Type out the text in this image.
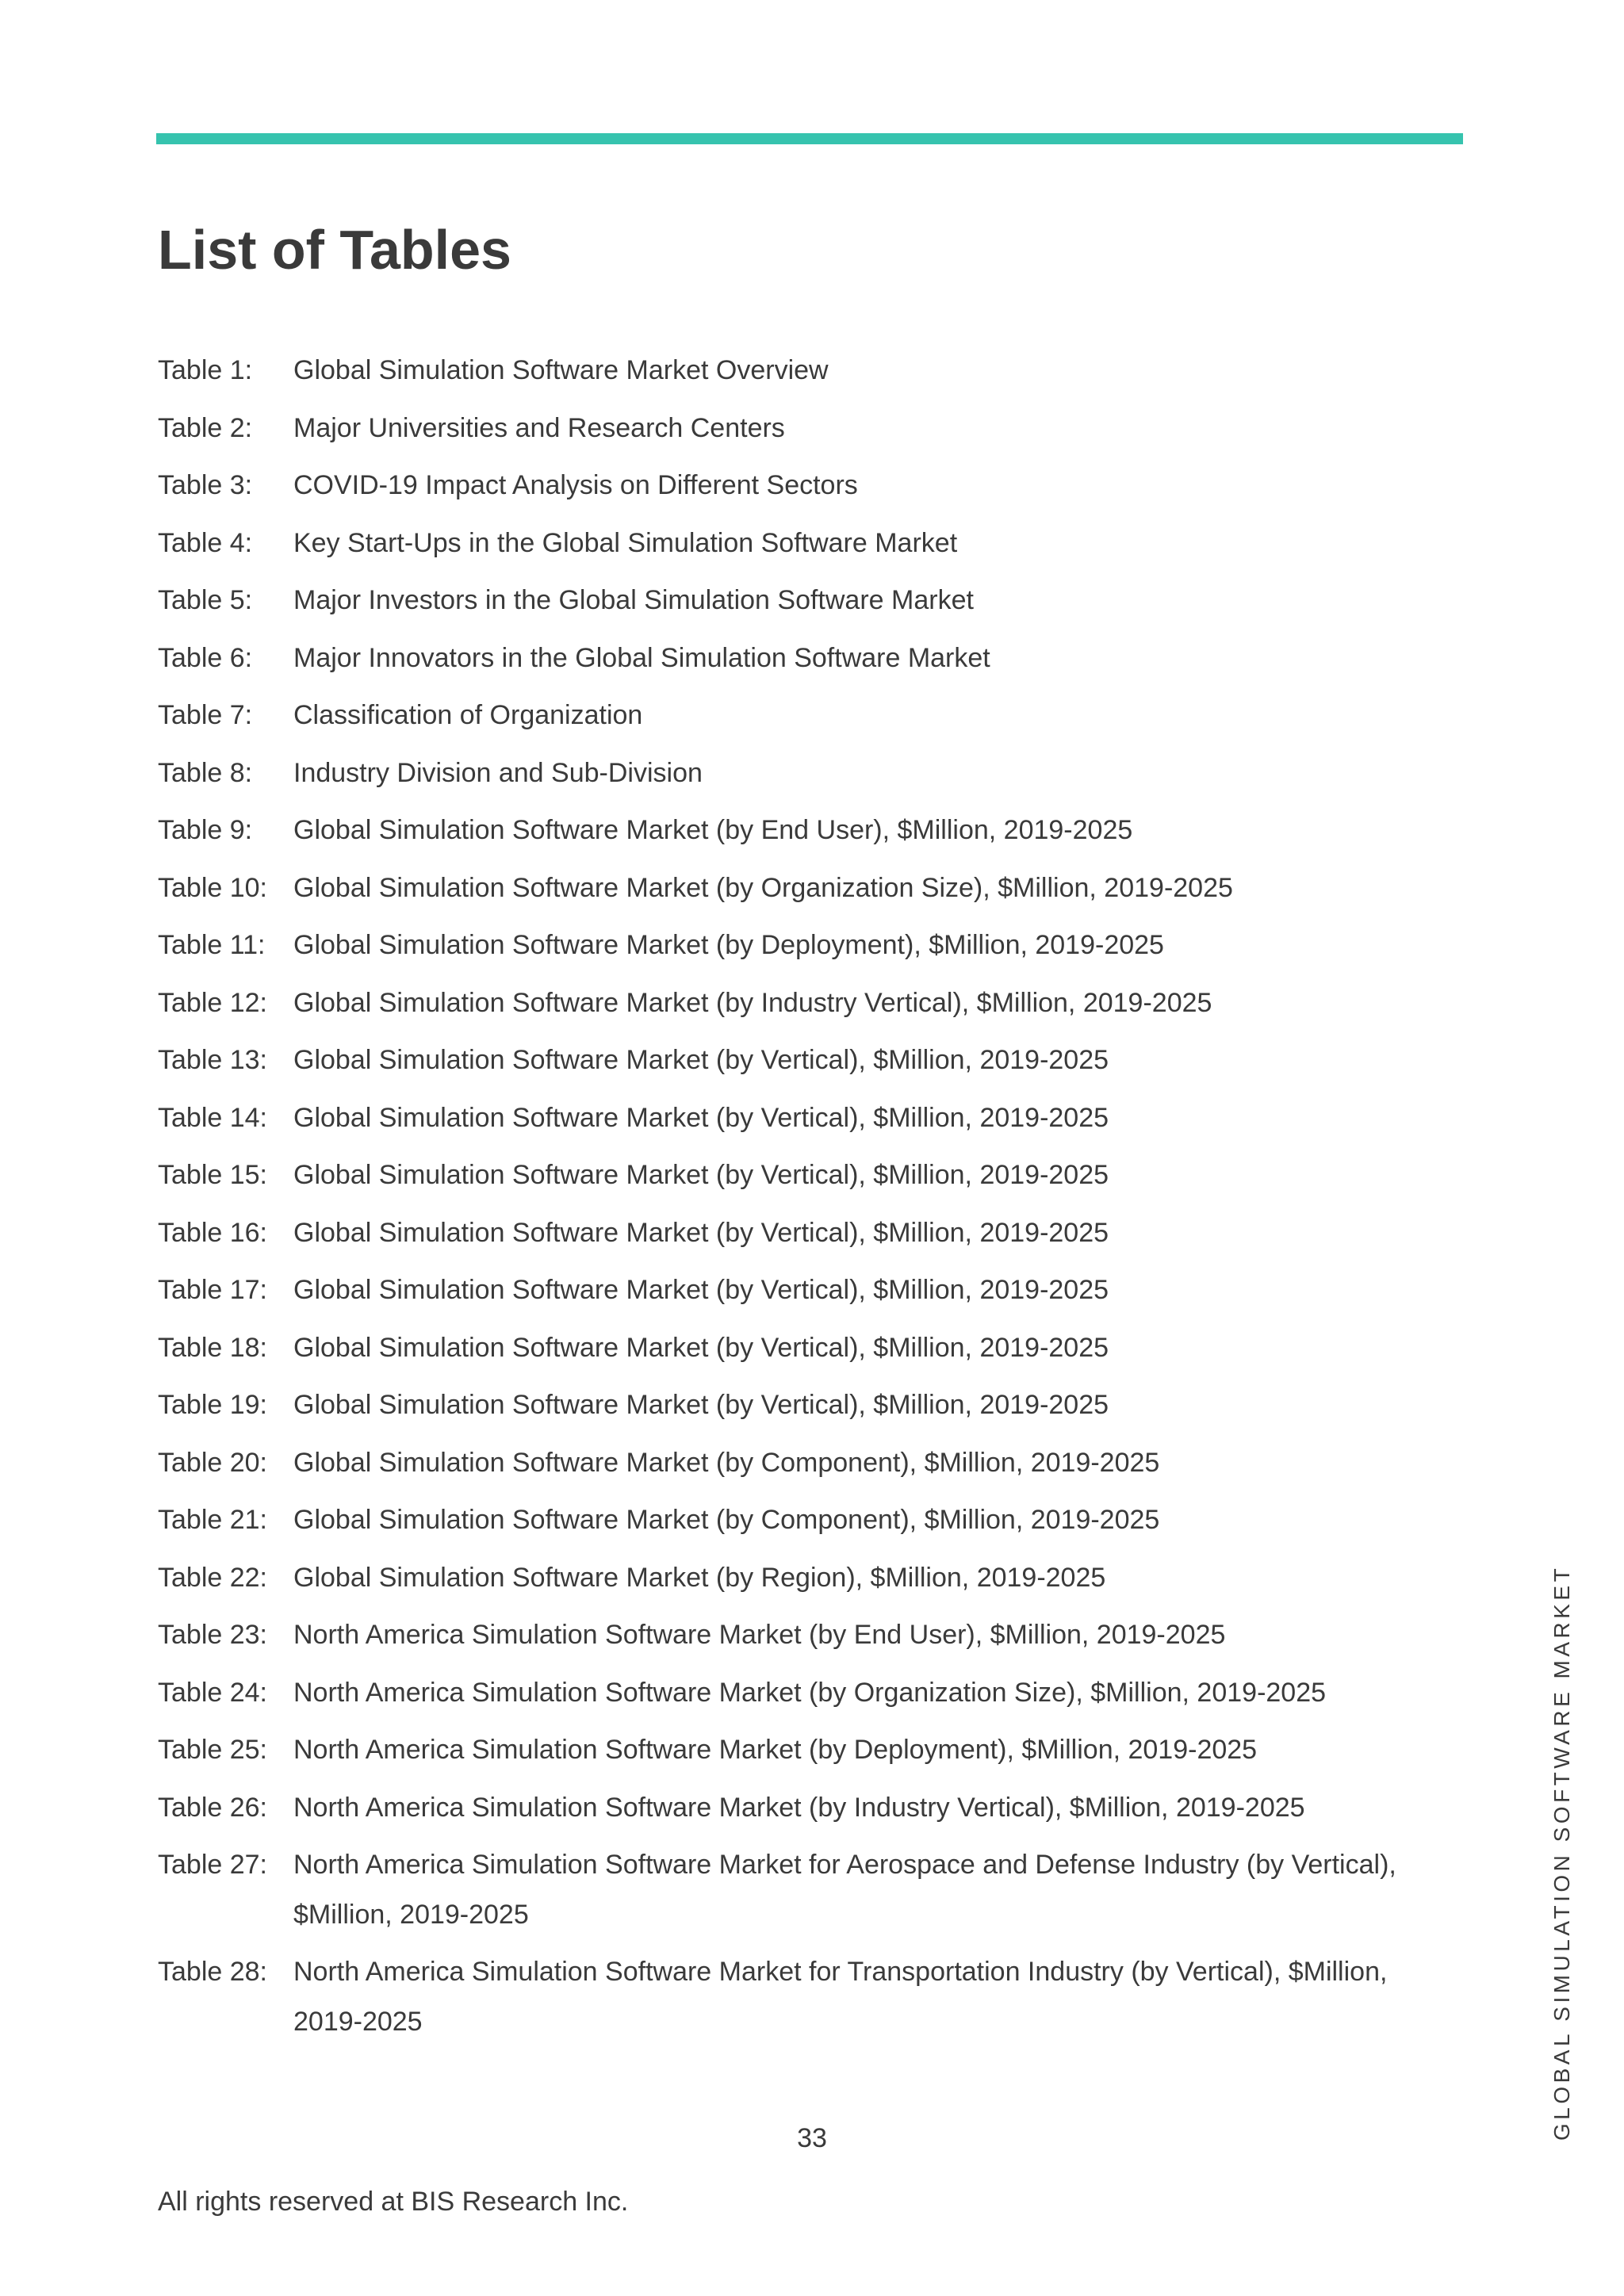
List of Tables
Table 1:	Global Simulation Software Market Overview
Table 2:	Major Universities and Research Centers
Table 3:	COVID-19 Impact Analysis on Different Sectors
Table 4:	Key Start-Ups in the Global Simulation Software Market
Table 5:	Major Investors in the Global Simulation Software Market
Table 6:	Major Innovators in the Global Simulation Software Market
Table 7:	Classification of Organization
Table 8:	Industry Division and Sub-Division
Table 9:	Global Simulation Software Market (by End User), $Million, 2019-2025
Table 10: Global Simulation Software Market (by Organization Size), $Million, 2019-2025
Table 11:	Global Simulation Software Market (by Deployment), $Million, 2019-2025
Table 12: Global Simulation Software Market (by Industry Vertical), $Million, 2019-2025
Table 13: Global Simulation Software Market (by Vertical), $Million, 2019-2025
Table 14: Global Simulation Software Market (by Vertical), $Million, 2019-2025
Table 15: Global Simulation Software Market (by Vertical), $Million, 2019-2025
Table 16: Global Simulation Software Market (by Vertical), $Million, 2019-2025
Table 17: Global Simulation Software Market (by Vertical), $Million, 2019-2025
Table 18: Global Simulation Software Market (by Vertical), $Million, 2019-2025
Table 19: Global Simulation Software Market (by Vertical), $Million, 2019-2025
Table 20: Global Simulation Software Market (by Component), $Million, 2019-2025
Table 21: Global Simulation Software Market (by Component), $Million, 2019-2025
Table 22: Global Simulation Software Market (by Region), $Million, 2019-2025
Table 23: North America Simulation Software Market (by End User), $Million, 2019-2025
Table 24: North America Simulation Software Market (by Organization Size), $Million, 2019-2025
Table 25: North America Simulation Software Market (by Deployment), $Million, 2019-2025
Table 26: North America Simulation Software Market (by Industry Vertical), $Million, 2019-2025
Table 27: North America Simulation Software Market for Aerospace and Defense Industry (by Vertical), $Million, 2019-2025
Table 28: North America Simulation Software Market for Transportation Industry (by Vertical), $Million, 2019-2025
33
All rights reserved at BIS Research Inc.
GLOBAL SIMULATION SOFTWARE MARKET
